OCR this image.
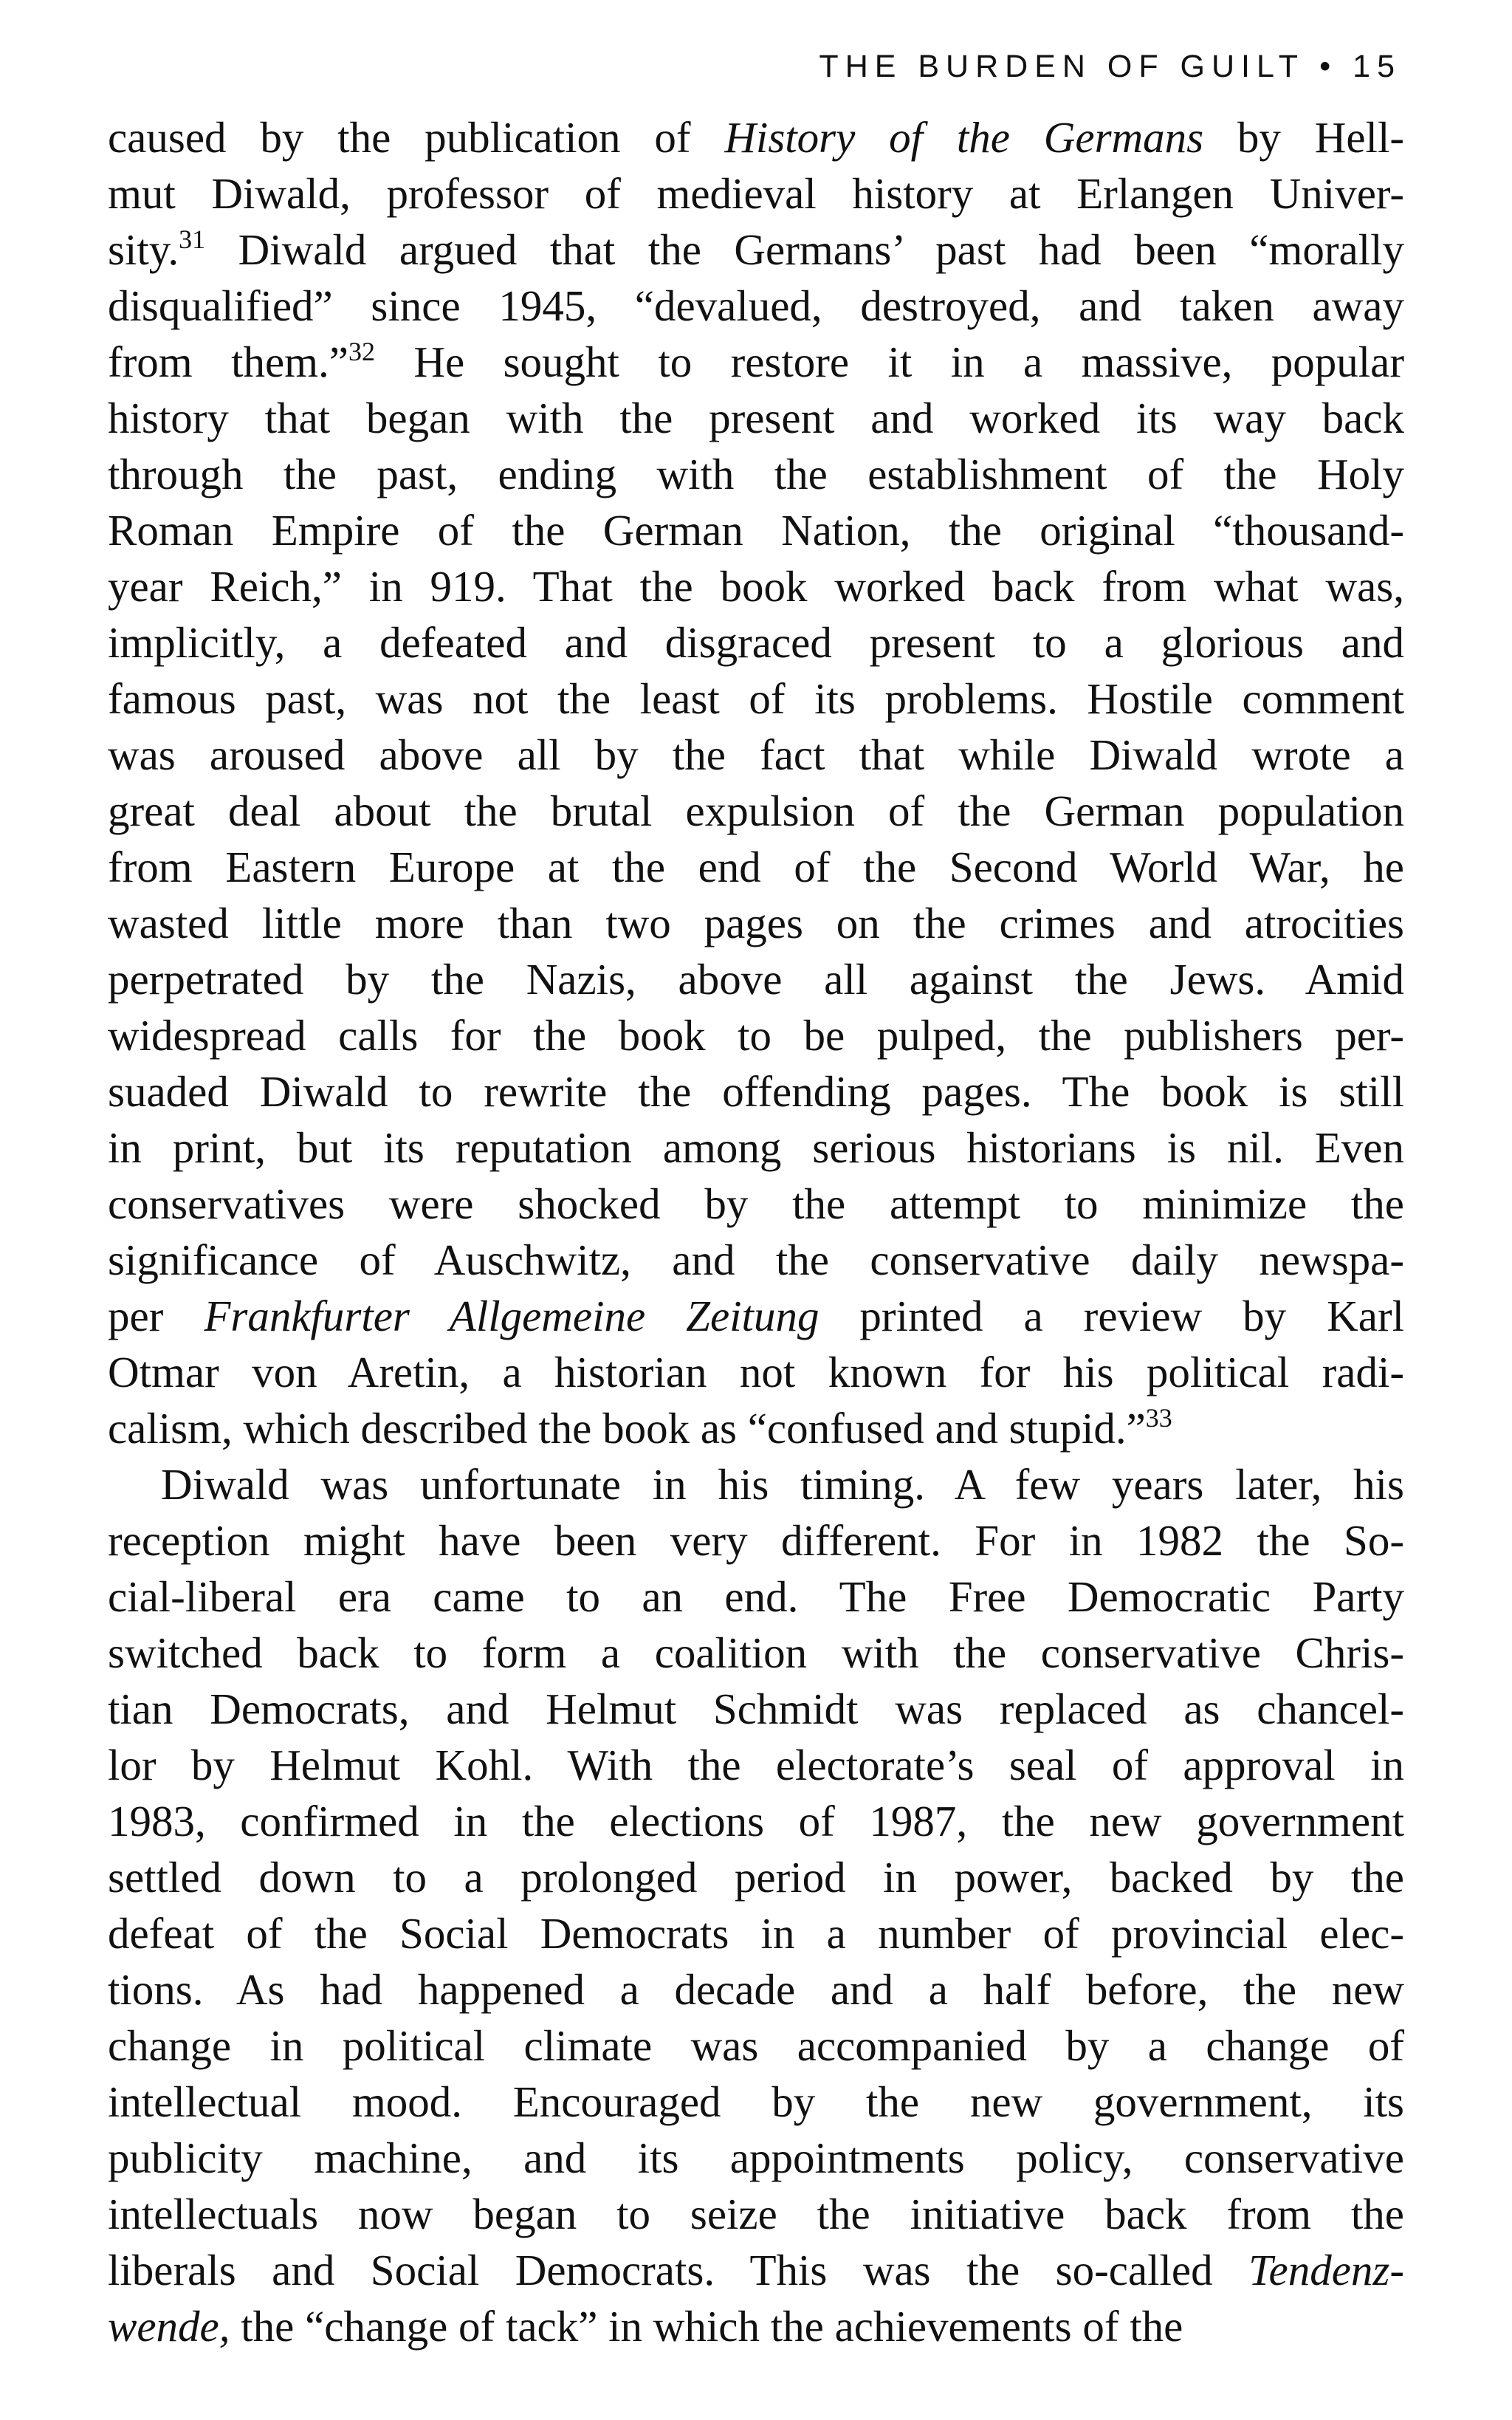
THE BURDEN OF GUILT • 15
caused by the publication of History of the Germans by Hell-
mut Diwald, professor of medieval history at Erlangen Univer-
sity.$^{31}$ Diwald argued that the Germans’ past had been “morally
disqualified” since 1945, “devalued, destroyed, and taken away
from them.”$^{32}$ He sought to restore it in a massive, popular
history that began with the present and worked its way back
through the past, ending with the establishment of the Holy
Roman Empire of the German Nation, the original “thousand-
year Reich,” in 919. That the book worked back from what was,
implicitly, a defeated and disgraced present to a glorious and
famous past, was not the least of its problems. Hostile comment
was aroused above all by the fact that while Diwald wrote a
great deal about the brutal expulsion of the German population
from Eastern Europe at the end of the Second World War, he
wasted little more than two pages on the crimes and atrocities
perpetrated by the Nazis, above all against the Jews. Amid
widespread calls for the book to be pulped, the publishers per-
suaded Diwald to rewrite the offending pages. The book is still
in print, but its reputation among serious historians is nil. Even
conservatives were shocked by the attempt to minimize the
significance of Auschwitz, and the conservative daily newspa-
per Frankfurter Allgemeine Zeitung printed a review by Karl
Otmar von Aretin, a historian not known for his political radi-
calism, which described the book as “confused and stupid.”$^{33}$
Diwald was unfortunate in his timing. A few years later, his
reception might have been very different. For in 1982 the So-
cial-liberal era came to an end. The Free Democratic Party
switched back to form a coalition with the conservative Chris-
tian Democrats, and Helmut Schmidt was replaced as chancel-
lor by Helmut Kohl. With the electorate’s seal of approval in
1983, confirmed in the elections of 1987, the new government
settled down to a prolonged period in power, backed by the
defeat of the Social Democrats in a number of provincial elec-
tions. As had happened a decade and a half before, the new
change in political climate was accompanied by a change of
intellectual mood. Encouraged by the new government, its
publicity machine, and its appointments policy, conservative
intellectuals now began to seize the initiative back from the
liberals and Social Democrats. This was the so-called Tendenz-
wende, the “change of tack” in which the achievements of the
